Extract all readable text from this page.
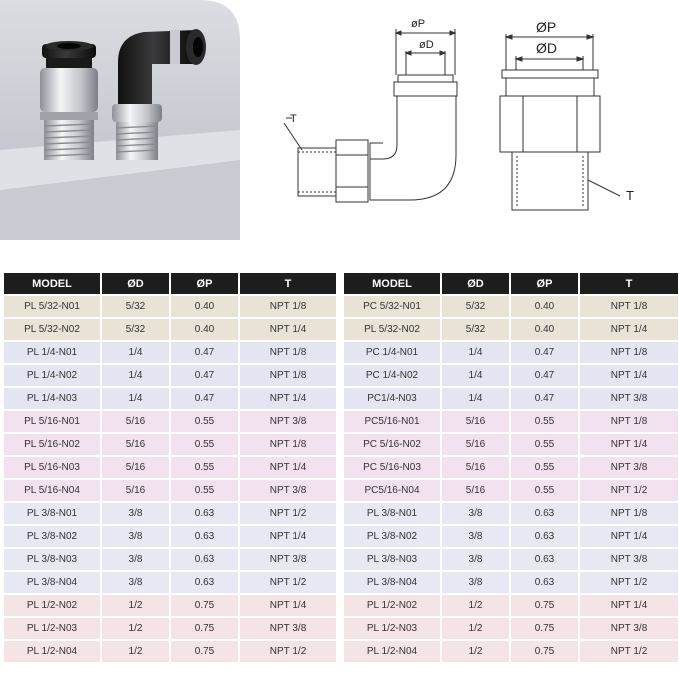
øP
øD
T
ØP
ØD
T
MODEL	ØD	ØP	T
PL 5/32-N01	5/32	0.40	NPT 1/8
PL 5/32-N02	5/32	0.40	NPT 1/4
PL 1/4-N01	1/4	0.47	NPT 1/8
PL 1/4-N02	1/4	0.47	NPT 1/8
PL 1/4-N03	1/4	0.47	NPT 1/4
PL 5/16-N01	5/16	0.55	NPT 3/8
PL 5/16-N02	5/16	0.55	NPT 1/8
PL 5/16-N03	5/16	0.55	NPT 1/4
PL 5/16-N04	5/16	0.55	NPT 3/8
PL 3/8-N01	3/8	0.63	NPT 1/2
PL 3/8-N02	3/8	0.63	NPT 1/4
PL 3/8-N03	3/8	0.63	NPT 3/8
PL 3/8-N04	3/8	0.63	NPT 1/2
PL 1/2-N02	1/2	0.75	NPT 1/4
PL 1/2-N03	1/2	0.75	NPT 3/8
PL 1/2-N04	1/2	0.75	NPT 1/2
MODEL	ØD	ØP	T
PC 5/32-N01	5/32	0.40	NPT 1/8
PL 5/32-N02	5/32	0.40	NPT 1/4
PC 1/4-N01	1/4	0.47	NPT 1/8
PC 1/4-N02	1/4	0.47	NPT 1/4
PC1/4-N03	1/4	0.47	NPT 3/8
PC5/16-N01	5/16	0.55	NPT 1/8
PC 5/16-N02	5/16	0.55	NPT 1/4
PC 5/16-N03	5/16	0.55	NPT 3/8
PC5/16-N04	5/16	0.55	NPT 1/2
PL 3/8-N01	3/8	0.63	NPT 1/8
PL 3/8-N02	3/8	0.63	NPT 1/4
PL 3/8-N03	3/8	0.63	NPT 3/8
PL 3/8-N04	3/8	0.63	NPT 1/2
PL 1/2-N02	1/2	0.75	NPT 1/4
PL 1/2-N03	1/2	0.75	NPT 3/8
PL 1/2-N04	1/2	0.75	NPT 1/2
